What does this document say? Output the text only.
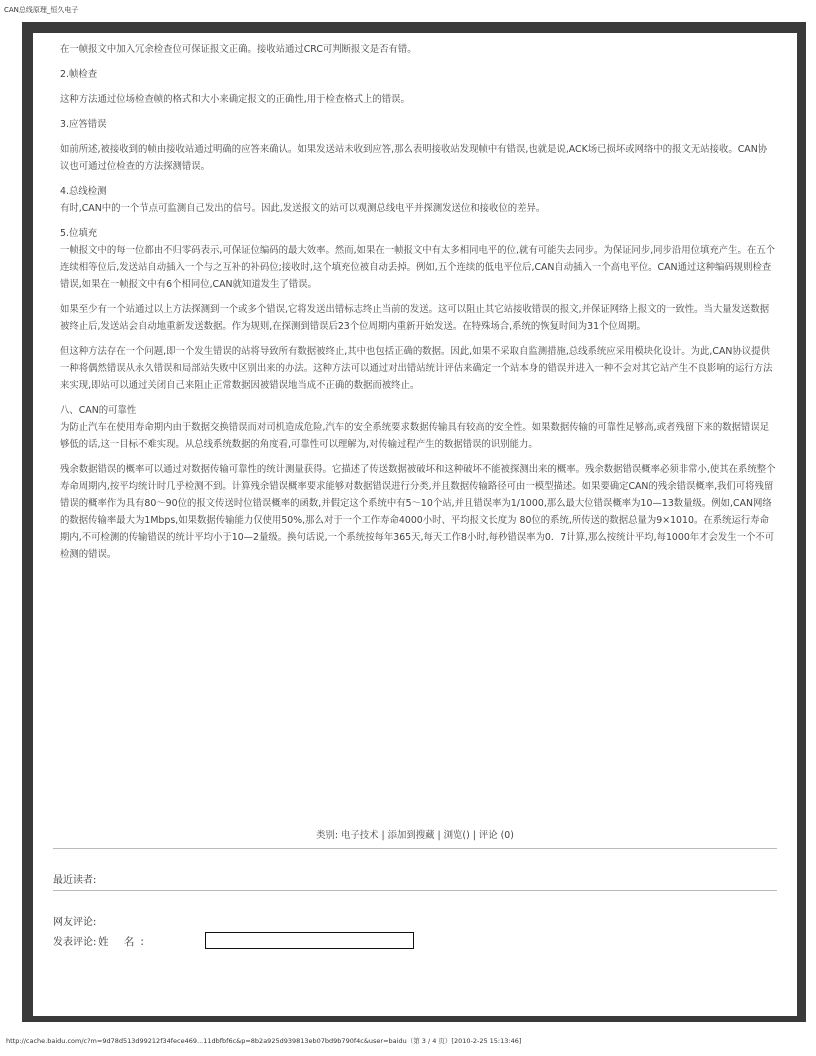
CAN总线原理_恒久电子

在一帧报文中加入冗余检查位可保证报文正确。接收站通过CRC可判断报文是否有错。

2.帧检查

这种方法通过位场检查帧的格式和大小来确定报文的正确性,用于检查格式上的错误。

3.应答错误

如前所述,被接收到的帧由接收站通过明确的应答来确认。如果发送站未收到应答,那么表明接收站发现帧中有错误,也就是说,ACK场已损坏或网络中的报文无站接收。CAN协议也可通过位检查的方法探测错误。

4.总线检测

有时,CAN中的一个节点可监测自己发出的信号。因此,发送报文的站可以观测总线电平并探测发送位和接收位的差异。

5.位填充

一帧报文中的每一位都由不归零码表示,可保证位编码的最大效率。然而,如果在一帧报文中有太多相同电平的位,就有可能失去同步。为保证同步,同步沿用位填充产生。在五个连续相等位后,发送站自动插入一个与之互补的补码位;接收时,这个填充位被自动丢掉。例如,五个连续的低电平位后,CAN自动插入一个高电平位。CAN通过这种编码规则检查错误,如果在一帧报文中有6个相同位,CAN就知道发生了错误。

如果至少有一个站通过以上方法探测到一个或多个错误,它将发送出错标志终止当前的发送。这可以阻止其它站接收错误的报文,并保证网络上报文的一致性。当大量发送数据被终止后,发送站会自动地重新发送数据。作为规则,在探测到错误后23个位周期内重新开始发送。在特殊场合,系统的恢复时间为31个位周期。

但这种方法存在一个问题,即一个发生错误的站将导致所有数据被终止,其中也包括正确的数据。因此,如果不采取自监测措施,总线系统应采用模块化设计。为此,CAN协议提供一种将偶然错误从永久错误和局部站失败中区别出来的办法。这种方法可以通过对出错站统计评估来确定一个站本身的错误并进入一种不会对其它站产生不良影响的运行方法来实现,即站可以通过关闭自己来阻止正常数据因被错误地当成不正确的数据而被终止。

八、CAN的可靠性

为防止汽车在使用寿命期内由于数据交换错误而对司机造成危险,汽车的安全系统要求数据传输具有较高的安全性。如果数据传输的可靠性足够高,或者残留下来的数据错误足够低的话,这一目标不难实现。从总线系统数据的角度看,可靠性可以理解为,对传输过程产生的数据错误的识别能力。

残余数据错误的概率可以通过对数据传输可靠性的统计测量获得。它描述了传送数据被破坏和这种破坏不能被探测出来的概率。残余数据错误概率必须非常小,使其在系统整个寿命周期内,按平均统计时几乎检测不到。计算残余错误概率要求能够对数据错误进行分类,并且数据传输路径可由一模型描述。如果要确定CAN的残余错误概率,我们可将残留错误的概率作为具有80～90位的报文传送时位错误概率的函数,并假定这个系统中有5～10个站,并且错误率为1/1000,那么最大位错误概率为10—13数量级。例如,CAN网络的数据传输率最大为1Mbps,如果数据传输能力仅使用50%,那么对于一个工作寿命4000小时、平均报文长度为 80位的系统,所传送的数据总量为9×1010。在系统运行寿命期内,不可检测的传输错误的统计平均小于10—2量级。换句话说,一个系统按每年365天,每天工作8小时,每秒错误率为0．7计算,那么按统计平均,每1000年才会发生一个不可检测的错误。

类别: 电子技术 | 添加到搜藏 | 浏览() | 评论 (0)
最近读者:
网友评论:
发表评论: 姓 名:
http://cache.baidu.com/c?m=9d78d513d99212f34fece469...11dbfbf6c&p=8b2a925d939813eb07bd9b790f4c&user=baidu（第 3 / 4 页）[2010-2-25 15:13:46]
